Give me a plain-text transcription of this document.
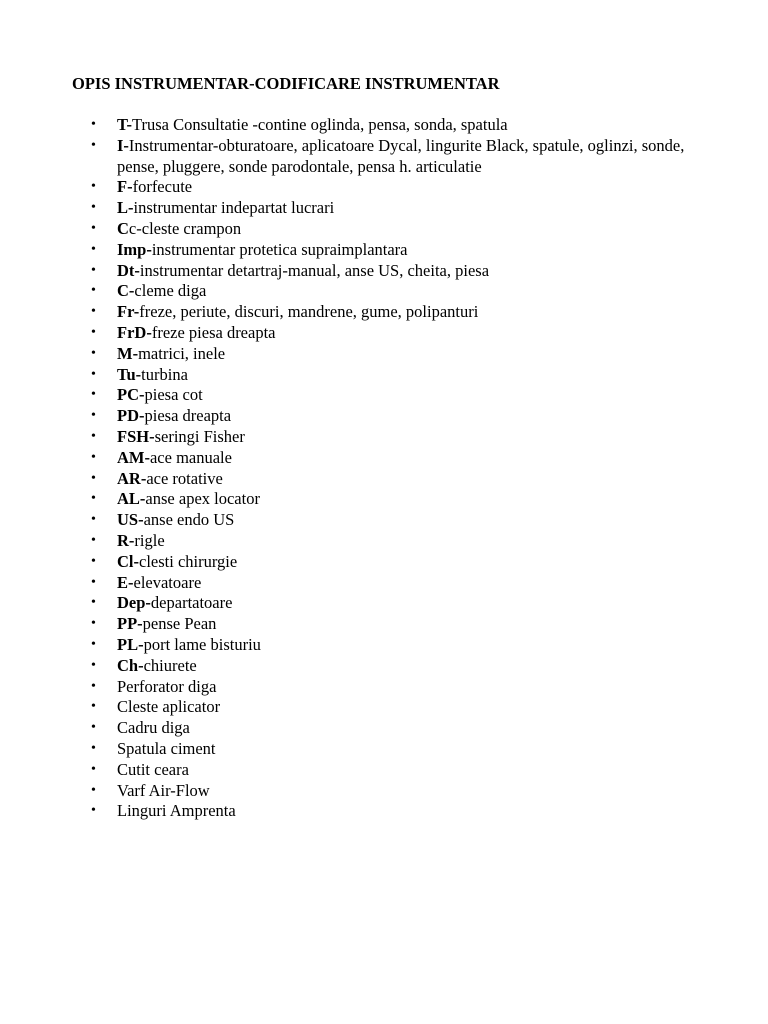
OPIS INSTRUMENTAR-CODIFICARE INSTRUMENTAR
• T-Trusa Consultatie -contine oglinda, pensa, sonda, spatula
• I-Instrumentar-obturatoare, aplicatoare Dycal, lingurite Black, spatule, oglinzi, sonde, pense, pluggere, sonde parodontale, pensa h. articulatie
• F-forfecute
• L-instrumentar indepartat lucrari
• Cc-cleste crampon
• Imp-instrumentar protetica supraimplantara
• Dt-instrumentar detartraj-manual, anse US, cheita, piesa
• C-cleme diga
• Fr-freze, periute, discuri, mandrene, gume, polipanturi
• FrD-freze piesa dreapta
• M-matrici, inele
• Tu-turbina
• PC-piesa cot
• PD-piesa dreapta
• FSH-seringi Fisher
• AM-ace manuale
• AR-ace rotative
• AL-anse apex locator
• US-anse endo US
• R-rigle
• Cl-clesti chirurgie
• E-elevatoare
• Dep-departatoare
• PP-pense Pean
• PL-port lame bisturiu
• Ch-chiurete
• Perforator diga
• Cleste aplicator
• Cadru diga
• Spatula ciment
• Cutit ceara
• Varf Air-Flow
• Linguri Amprenta
